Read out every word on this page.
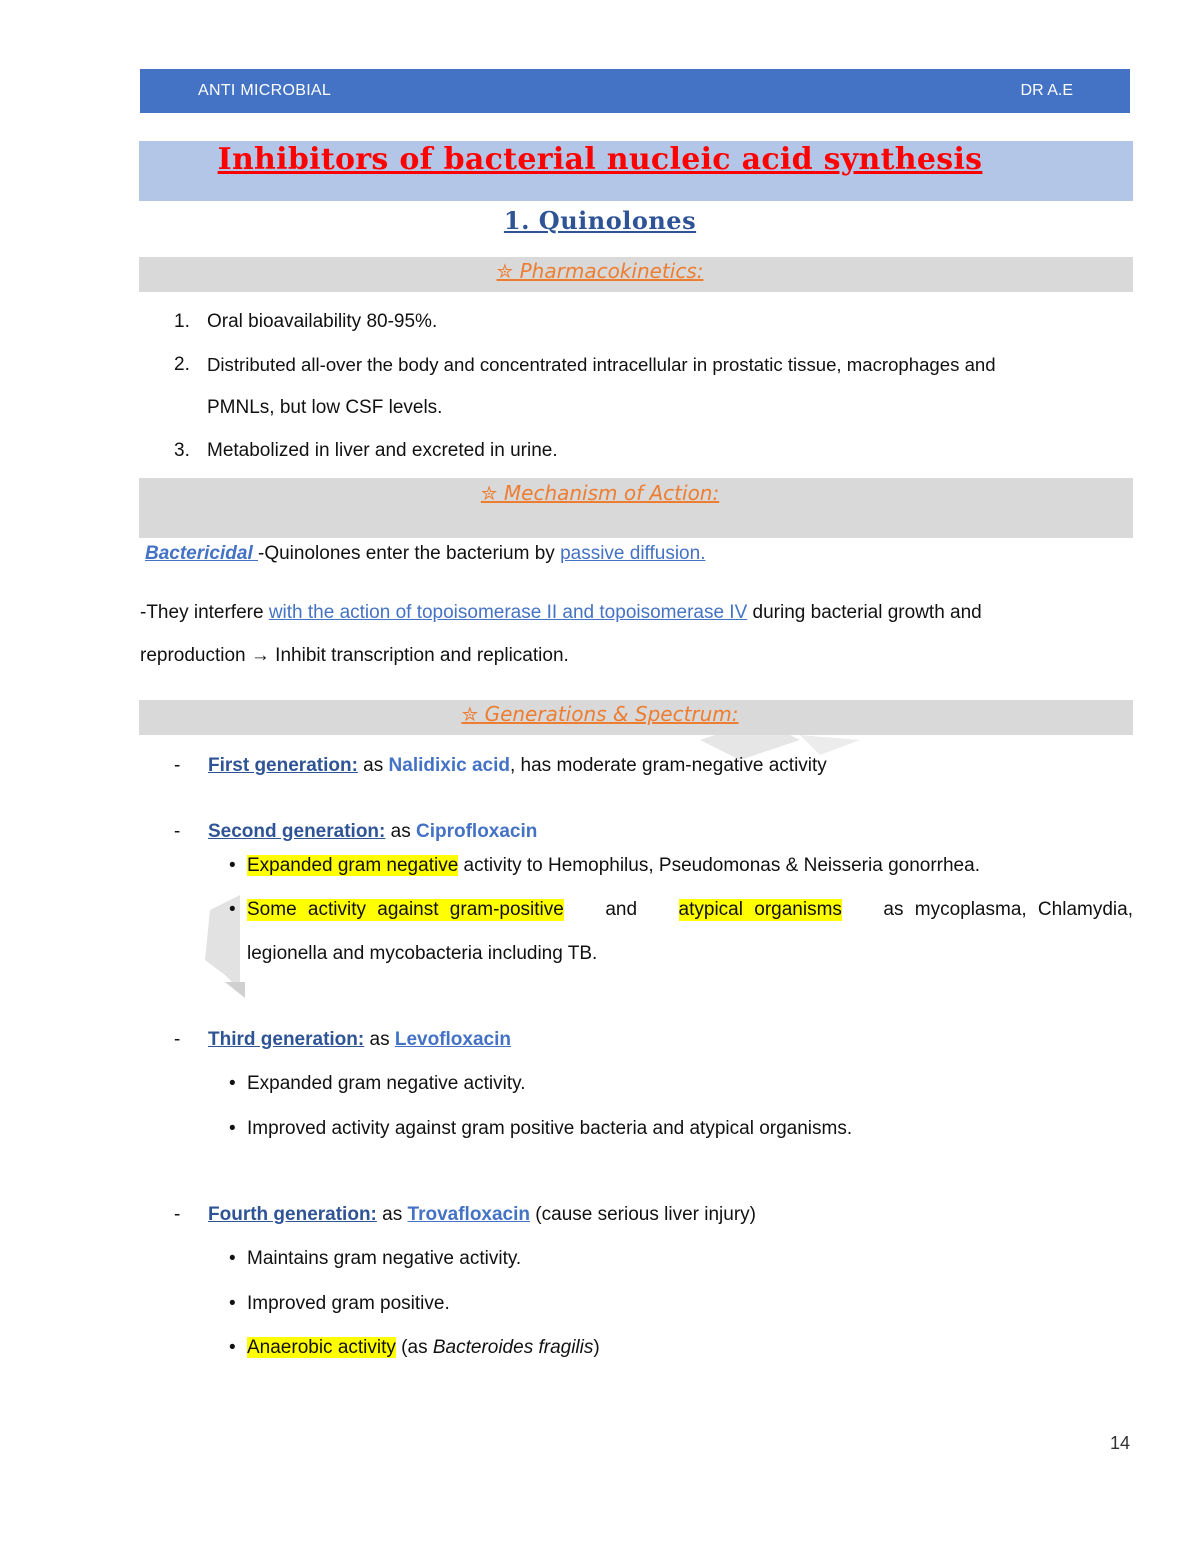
ANTI MICROBIAL	DR A.E
Inhibitors of bacterial nucleic acid synthesis
1. Quinolones
✮ Pharmacokinetics:
1. Oral bioavailability 80-95%.
2. Distributed all-over the body and concentrated intracellular in prostatic tissue, macrophages and
PMNLs, but low CSF levels.
3. Metabolized in liver and excreted in urine.
✮ Mechanism of Action:
Bactericidal -Quinolones enter the bacterium by passive diffusion.
-They interfere with the action of topoisomerase II and topoisomerase IV during bacterial growth and
reproduction → Inhibit transcription and replication.
✮ Generations & Spectrum:
- First generation: as Nalidixic acid, has moderate gram-negative activity
- Second generation: as Ciprofloxacin
• Expanded gram negative activity to Hemophilus, Pseudomonas & Neisseria gonorrhea.
• Some activity against gram-positive and atypical organisms as mycoplasma, Chlamydia,
legionella and mycobacteria including TB.
- Third generation: as Levofloxacin
• Expanded gram negative activity.
• Improved activity against gram positive bacteria and atypical organisms.
- Fourth generation: as Trovafloxacin (cause serious liver injury)
• Maintains gram negative activity.
• Improved gram positive.
• Anaerobic activity (as Bacteroides fragilis)
14
